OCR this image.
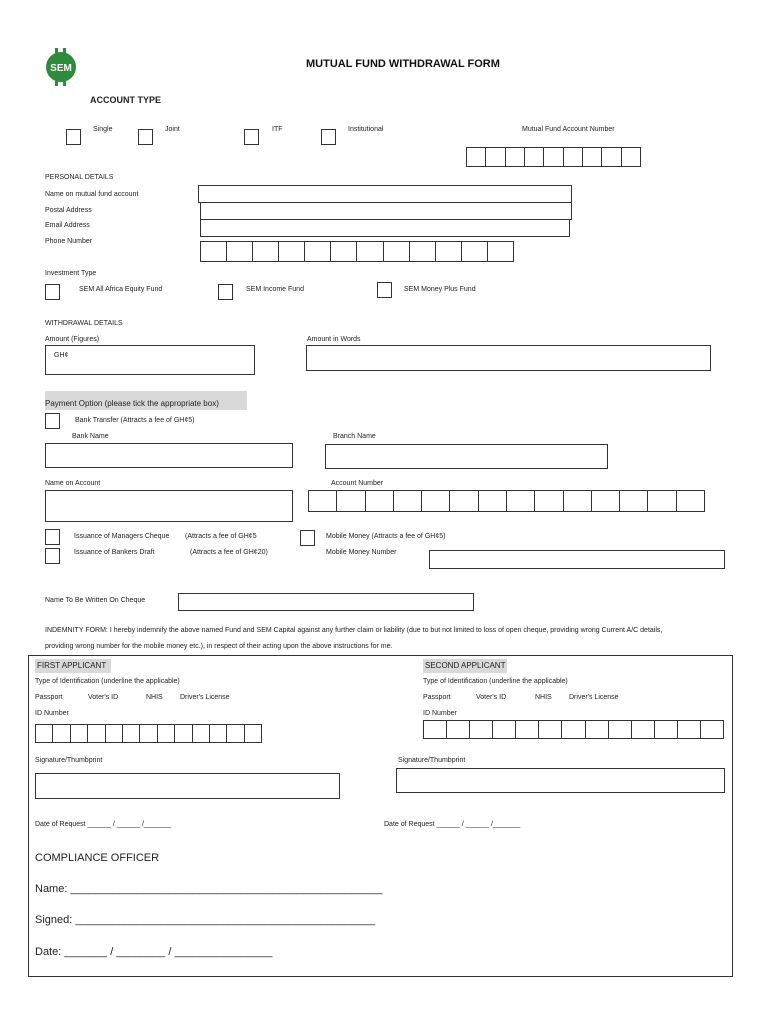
SEM	MUTUAL FUND WITHDRAWAL FORM
ACCOUNT TYPE
Single	Joint	ITF	Institutional	Mutual Fund Account Number
PERSONAL DETAILS
Name on mutual fund account
Postal Address
Email Address
Phone Number
Investment Type
SEM All Africa Equity Fund	SEM Income Fund	SEM Money Plus Fund
WITHDRAWAL DETAILS
Amount (Figures)
GH¢
Amount in Words
Payment Option (please tick the appropriate box)
Bank Transfer (Attracts a fee of GH¢5)
Bank Name	Branch Name
Name on Account	Account Number
Issuance of Managers Cheque (Attracts a fee of GH¢5
Issuance of Bankers Draft	(Attracts a fee of GH¢20)
Mobile Money (Attracts a fee of GH¢5)
Mobile Money Number
Name To Be Written On Cheque
INDEMNITY FORM: I hereby indemnify the above named Fund and SEM Capital against any further claim or liability (due to but not limited to loss of open cheque, providing wrong Current A/C details,
providing wrong number for the mobile money etc.), in respect of their acting upon the above instructions for me.
FIRST APPLICANT
Type of Identification (underline the applicable)
Passport	Voter's ID	NHIS Driver's License
ID Number
Signature/Thumbprint
Date of Request ______ / ______ /_______
SECOND APPLICANT
Type of Identification (underline the applicable)
Passport	Voter's ID	NHIS Driver's License
ID Number
Signature/Thumbprint
Date of Request ______ / ______ /_______
COMPLIANCE OFFICER
Name: ___________________________________________________
Signed: _________________________________________________
Date: _______ / ________ / ________________
